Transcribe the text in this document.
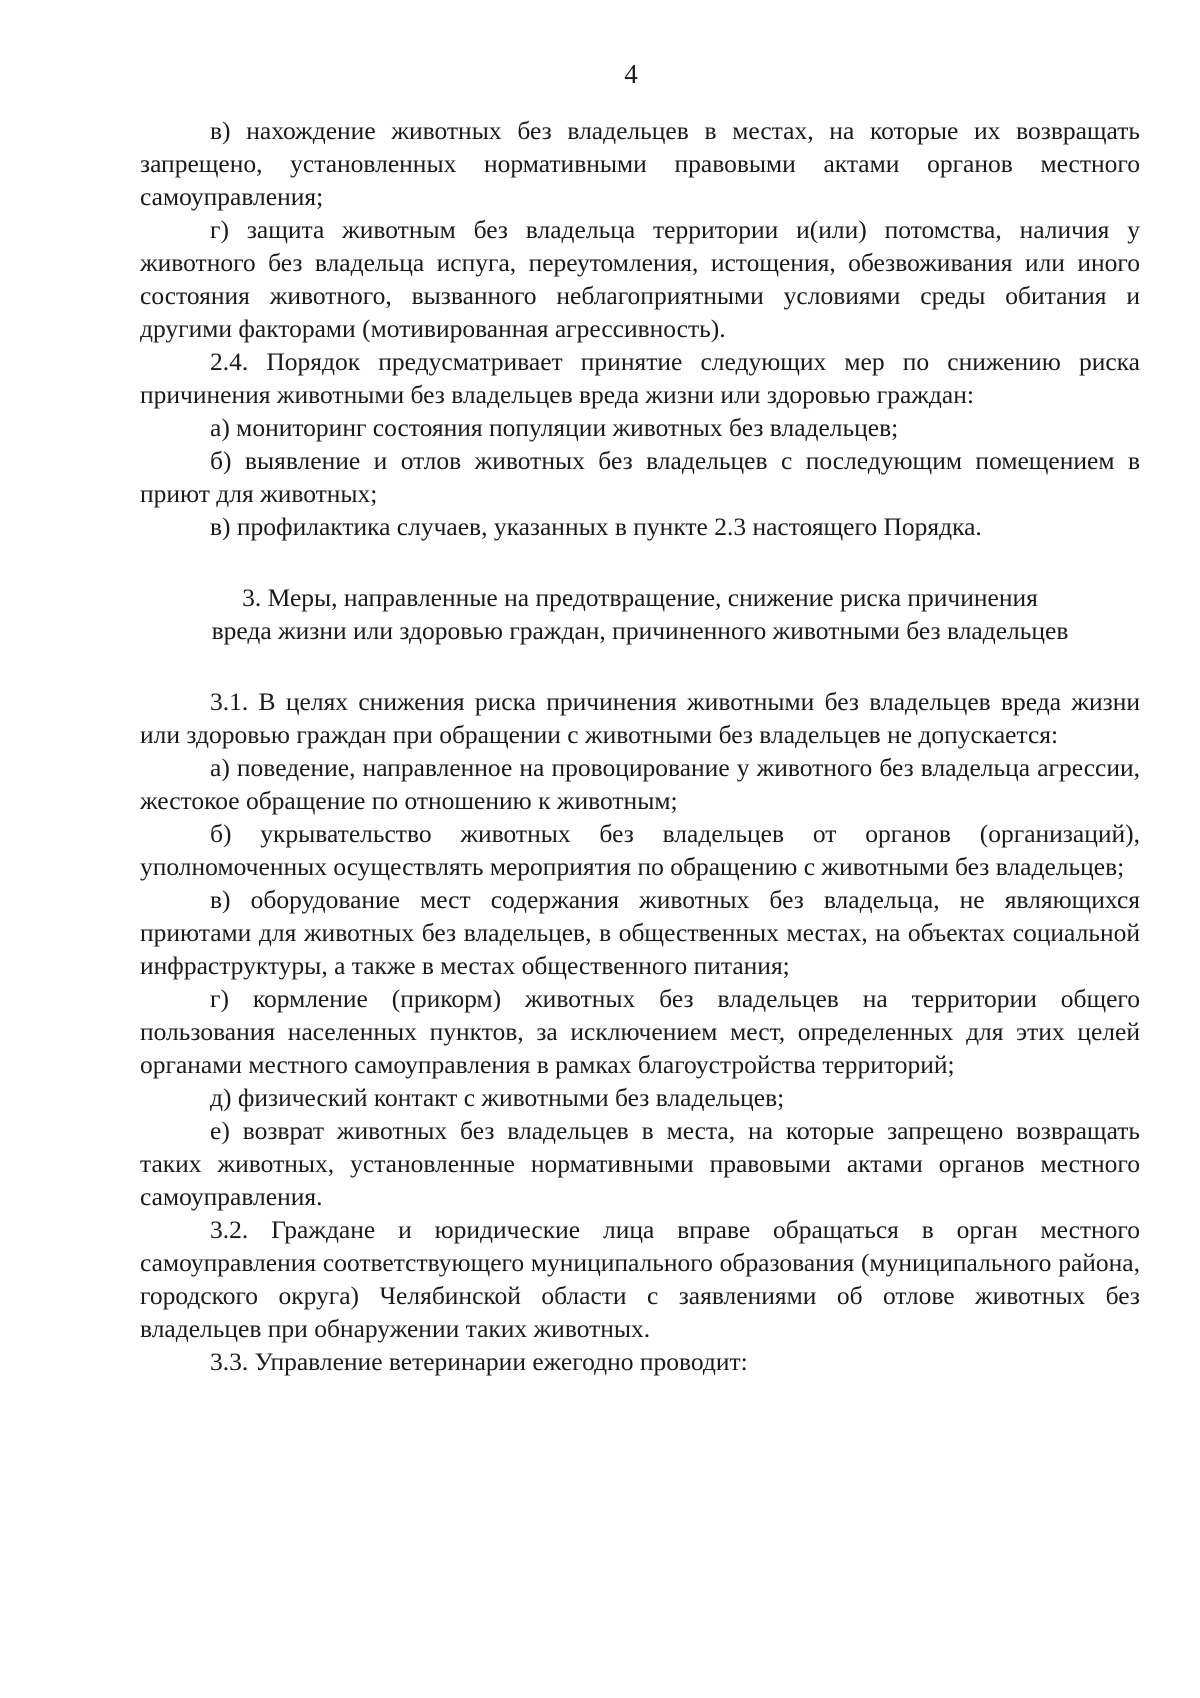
4

в) нахождение животных без владельцев в местах, на которые их возвращать запрещено, установленных нормативными правовыми актами органов местного самоуправления;

г) защита животным без владельца территории и(или) потомства, наличия у животного без владельца испуга, переутомления, истощения, обезвоживания или иного состояния животного, вызванного неблагоприятными условиями среды обитания и другими факторами (мотивированная агрессивность).

2.4. Порядок предусматривает принятие следующих мер по снижению риска причинения животными без владельцев вреда жизни или здоровью граждан:

а) мониторинг состояния популяции животных без владельцев;

б) выявление и отлов животных без владельцев с последующим помещением в приют для животных;

в) профилактика случаев, указанных в пункте 2.3 настоящего Порядка.

3. Меры, направленные на предотвращение, снижение риска причинения
вреда жизни или здоровью граждан, причиненного животными без владельцев

3.1. В целях снижения риска причинения животными без владельцев вреда жизни или здоровью граждан при обращении с животными без владельцев не допускается:

а) поведение, направленное на провоцирование у животного без владельца агрессии, жестокое обращение по отношению к животным;

б) укрывательство животных без владельцев от органов (организаций), уполномоченных осуществлять мероприятия по обращению с животными без владельцев;

в) оборудование мест содержания животных без владельца, не являющихся приютами для животных без владельцев, в общественных местах, на объектах социальной инфраструктуры, а также в местах общественного питания;

г) кормление (прикорм) животных без владельцев на территории общего пользования населенных пунктов, за исключением мест, определенных для этих целей органами местного самоуправления в рамках благоустройства территорий;

д) физический контакт с животными без владельцев;

е) возврат животных без владельцев в места, на которые запрещено возвращать таких животных, установленные нормативными правовыми актами органов местного самоуправления.

3.2. Граждане и юридические лица вправе обращаться в орган местного самоуправления соответствующего муниципального образования (муниципального района, городского округа) Челябинской области с заявлениями об отлове животных без владельцев при обнаружении таких животных.

3.3. Управление ветеринарии ежегодно проводит:
